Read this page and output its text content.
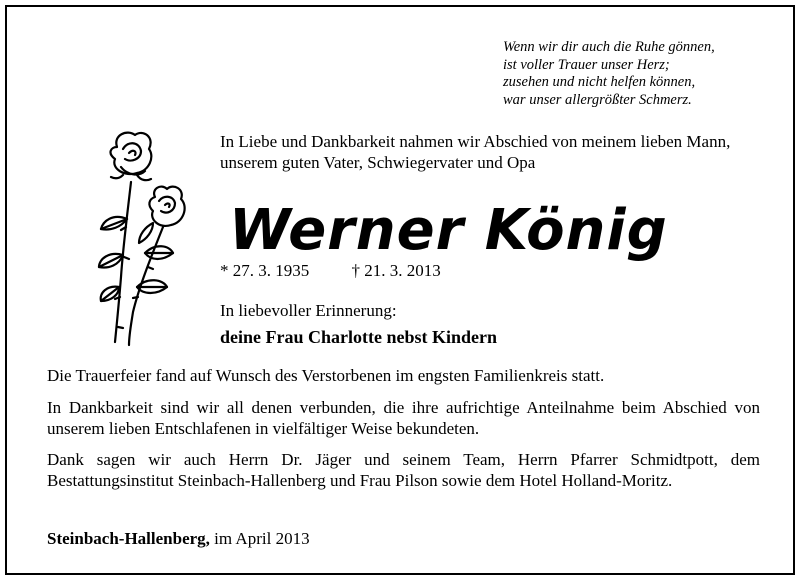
Wenn wir dir auch die Ruhe gönnen,
ist voller Trauer unser Herz;
zusehen und nicht helfen können,
war unser allergrößter Schmerz.
In Liebe und Dankbarkeit nahmen wir Abschied von meinem lieben Mann, unserem guten Vater, Schwiegervater und Opa
Werner König
* 27. 3. 1935 † 21. 3. 2013
In liebevoller Erinnerung:
deine Frau Charlotte nebst Kindern
Die Trauerfeier fand auf Wunsch des Verstorbenen im engsten Familienkreis statt.
In Dankbarkeit sind wir all denen verbunden, die ihre aufrichtige Anteilnahme beim Abschied von unserem lieben Entschlafenen in vielfältiger Weise bekundeten.
Dank sagen wir auch Herrn Dr. Jäger und seinem Team, Herrn Pfarrer Schmidtpott, dem Bestattungsinstitut Steinbach-Hallenberg und Frau Pilson sowie dem Hotel Holland-Moritz.
Steinbach-Hallenberg, im April 2013
